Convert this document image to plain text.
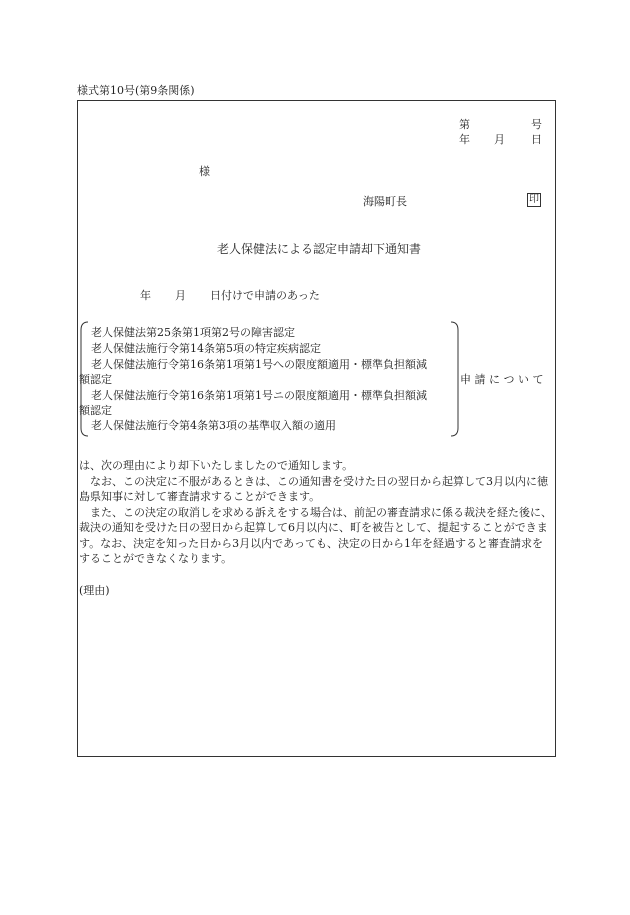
様式第10号(第9条関係)
第	号
年 月 日
様
海陽町長	印
老人保健法による認定申請却下通知書
年 月 日付けで申請のあった
老人保健法第25条第1項第2号の障害認定
老人保健法施行令第14条第5項の特定疾病認定
老人保健法施行令第16条第1項第1号への限度額適用・標準負担額減
額認定
老人保健法施行令第16条第1項第1号ニの限度額適用・標準負担額減
額認定
老人保健法施行令第4条第3項の基準収入額の適用
申 請 に つ い て
は、次の理由により却下いたしましたので通知します。
なお、この決定に不服があるときは、この通知書を受けた日の翌日から起算して3月以内に徳島県知事に対して審査請求することができます。
また、この決定の取消しを求める訴えをする場合は、前記の審査請求に係る裁決を経た後に、裁決の通知を受けた日の翌日から起算して6月以内に、町を被告として、提起することができます。なお、決定を知った日から3月以内であっても、決定の日から1年を経過すると審査請求をすることができなくなります。
(理由)
